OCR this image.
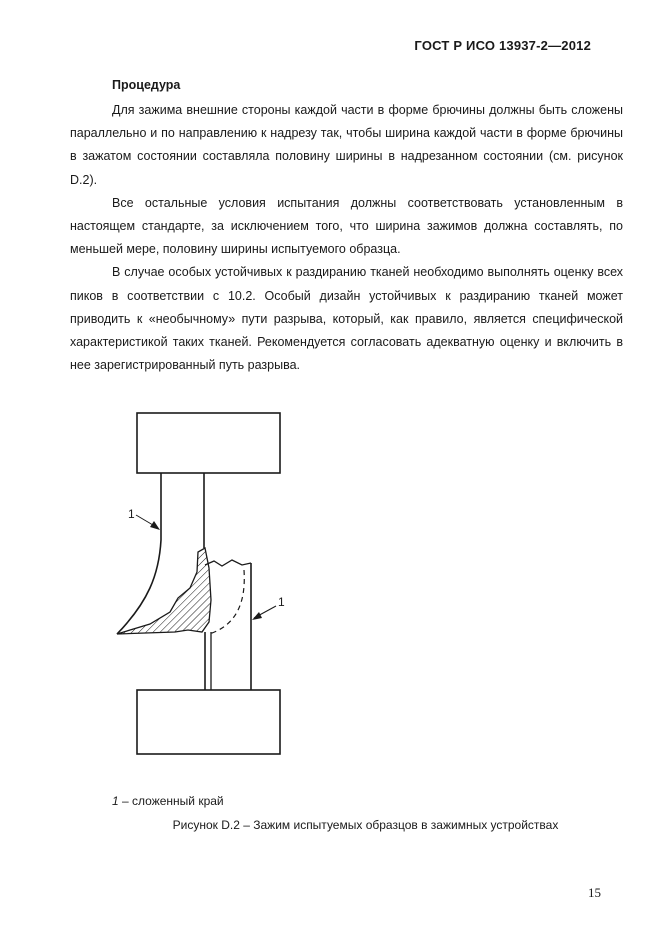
ГОСТ Р ИСО 13937-2—2012
Процедура

Для зажима внешние стороны каждой части в форме брючины должны быть сложены параллельно и по направлению к надрезу так, чтобы ширина каждой части в форме брючины в зажатом состоянии составляла половину ширины в надрезанном состоянии (см. рисунок D.2).

Все остальные условия испытания должны соответствовать установленным в настоящем стандарте, за исключением того, что ширина зажимов должна составлять, по меньшей мере, половину ширины испытуемого образца.

В случае особых устойчивых к раздиранию тканей необходимо выполнять оценку всех пиков в соответствии с 10.2. Особый дизайн устойчивых к раздиранию тканей может приводить к «необычному» пути разрыва, который, как правило, является специфической характеристикой таких тканей. Рекомендуется согласовать адекватную оценку и включить в нее зарегистрированный путь разрыва.

1
1
1 – сложенный край
Рисунок D.2 – Зажим испытуемых образцов в зажимных устройствах
15
